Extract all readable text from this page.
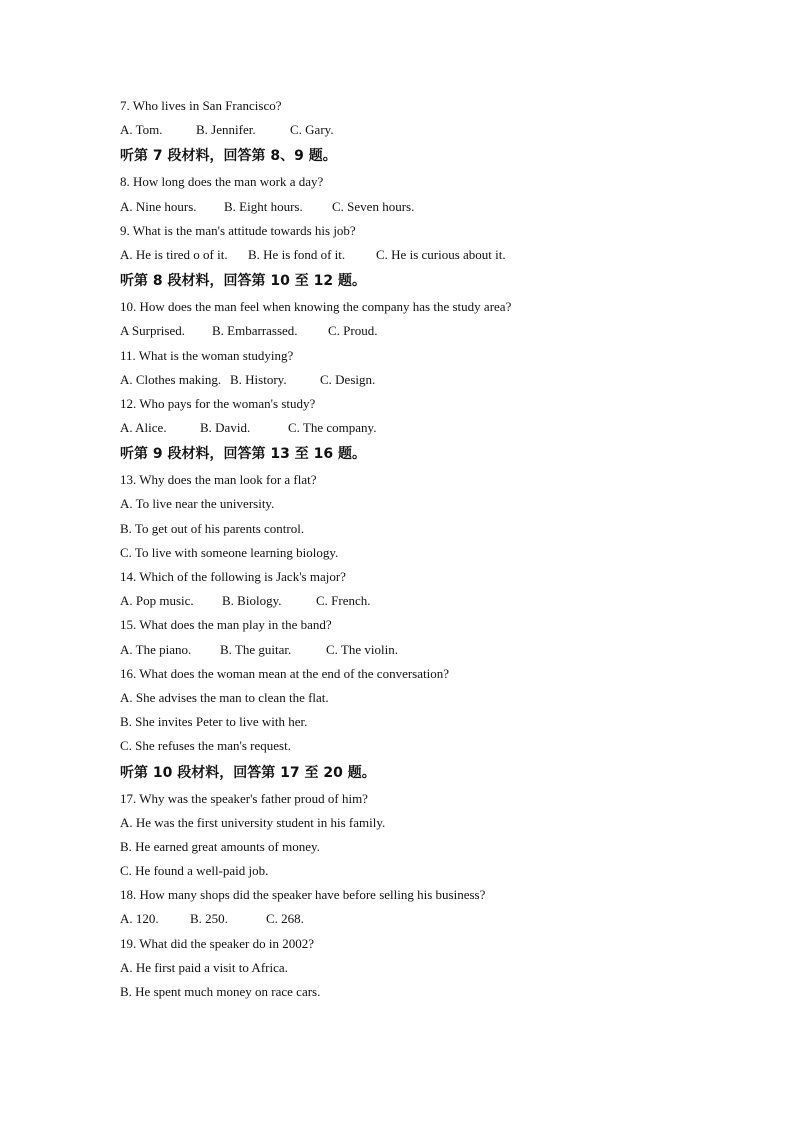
7. Who lives in San Francisco?
A. Tom.	B. Jennifer.	C. Gary.
听第 7 段材料，回答第 8、9 题。
8. How long does the man work a day?
A. Nine hours. B. Eight hours. C. Seven hours.
9. What is the man's attitude towards his job?
A. He is tired o of it. B. He is fond of it. C. He is curious about it.
听第 8 段材料，回答第 10 至 12 题。
10. How does the man feel when knowing the company has the study area?
A Surprised. B. Embarrassed. C. Proud.
11. What is the woman studying?
A. Clothes making. B. History.	C. Design.
12. Who pays for the woman's study?
A. Alice.	B. David.	C. The company.
听第 9 段材料，回答第 13 至 16 题。
13. Why does the man look for a flat?
A. To live near the university.
B. To get out of his parents control.
C. To live with someone learning biology.
14. Which of the following is Jack's major?
A. Pop music. B. Biology.	C. French.
15. What does the man play in the band?
A. The piano. B. The guitar.	C. The violin.
16. What does the woman mean at the end of the conversation?
A. She advises the man to clean the flat.
B. She invites Peter to live with her.
C. She refuses the man's request.
听第 10 段材料，回答第 17 至 20 题。
17. Why was the speaker's father proud of him?
A. He was the first university student in his family.
B. He earned great amounts of money.
C. He found a well-paid job.
18. How many shops did the speaker have before selling his business?
A. 120. B. 250.	C. 268.
19. What did the speaker do in 2002?
A. He first paid a visit to Africa.
B. He spent much money on race cars.
